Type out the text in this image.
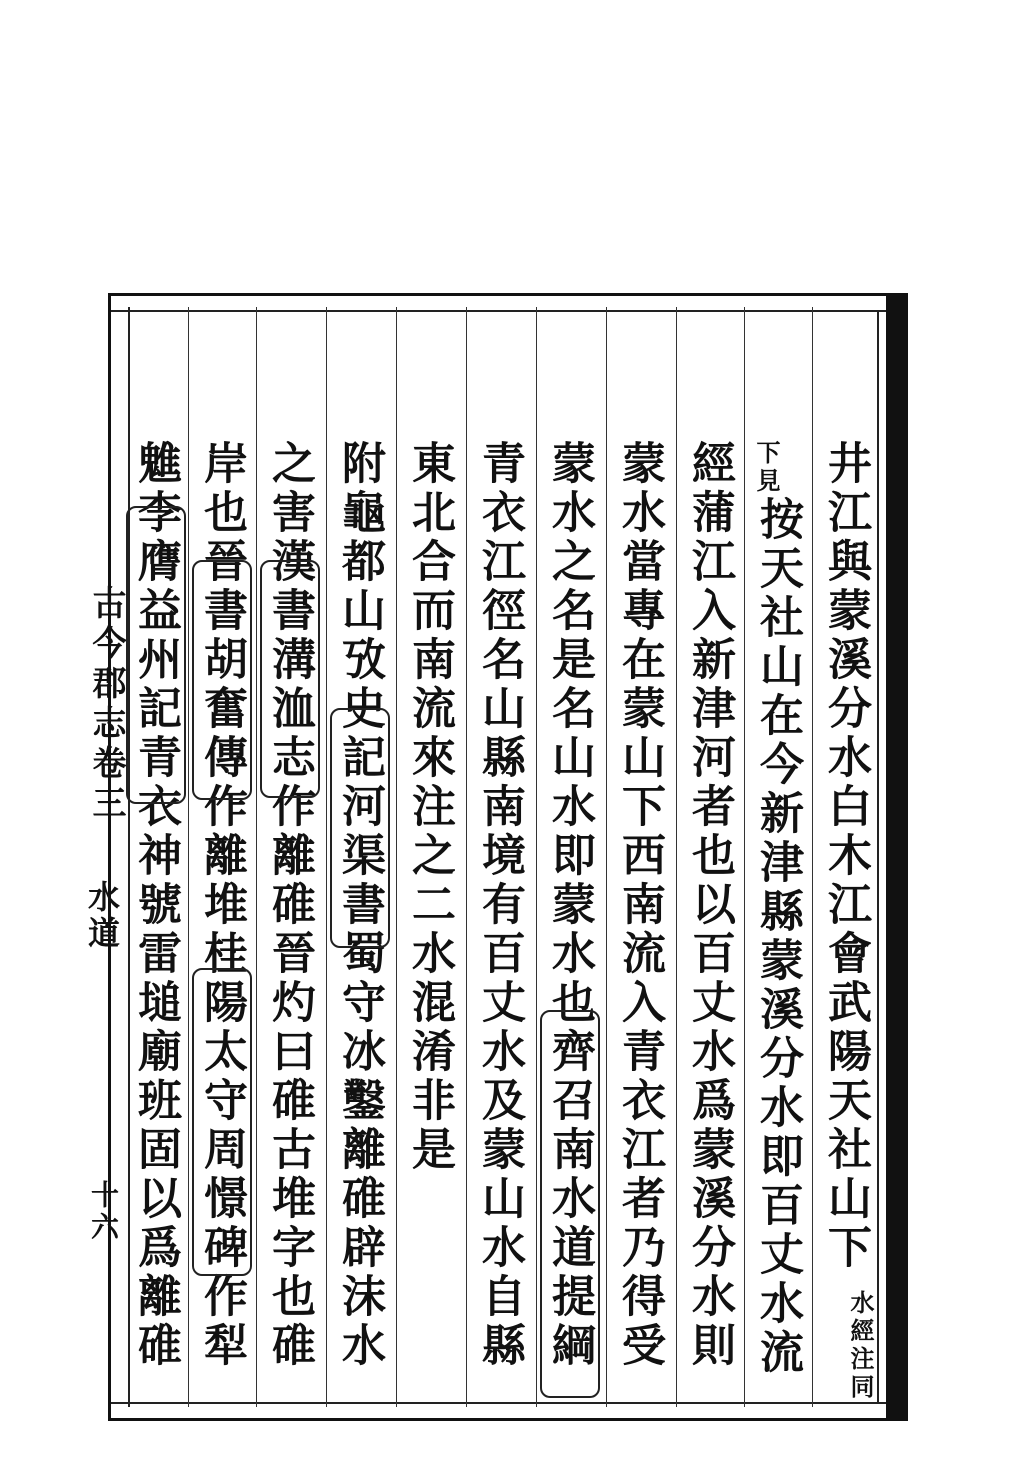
古今郡志卷三
水道
十六	井江與蒙溪分水白木江會武陽天社山下
水經注同
下見
按天社山在今新津縣蒙溪分水即百丈水流
經蒲江入新津河者也以百丈水爲蒙溪分水則
蒙水當專在蒙山下西南流入青衣江者乃得受
蒙水之名是名山水即蒙水也齊召南水道提綱
青衣江徑名山縣南境有百丈水及蒙山水自縣
東北合而南流來注之二水混淆非是
附龜都山攷史記河渠書蜀守冰鑿離碓辟沫水
之害漢書溝洫志作離碓晉灼曰碓古堆字也碓
岸也晉書胡奮傳作離堆桂陽太守周憬碑作犁
魋李膺益州記青衣神號雷塠廟班固以爲離碓
